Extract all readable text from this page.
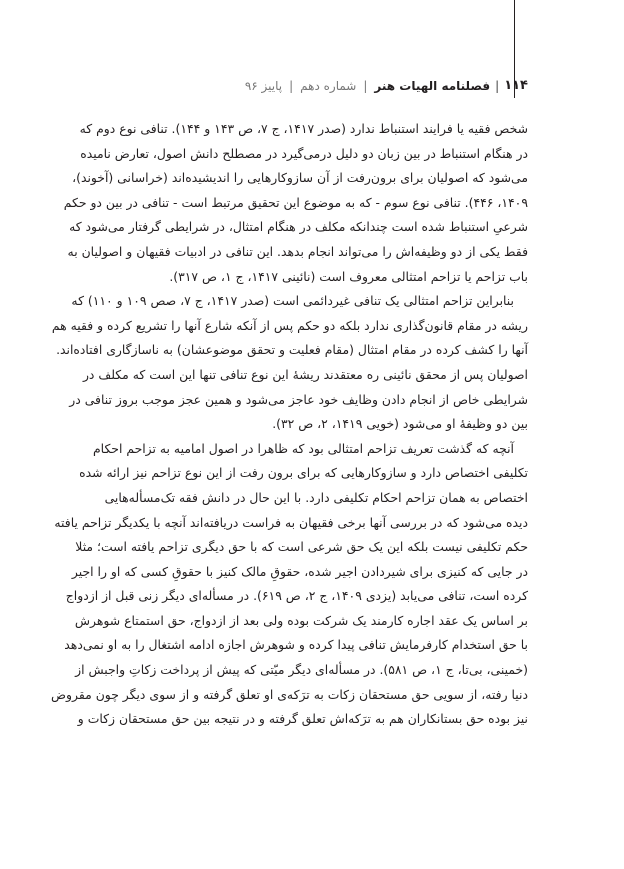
۱۱۴
|
فصلنامه الهیات هنر
|
شماره دهم
|
پاییز ۹۶
شخص فقیه یا فرایند استنباط ندارد (صدر ۱۴۱۷، ج ۷، ص ۱۴۳ و ۱۴۴). تنافی نوع دوم که
در هنگام استنباط در بین زبان دو دلیل درمی‌گیرد در مصطلح دانش اصول، تعارض نامیده
می‌شود که اصولیان برای برون‌رفت از آن سازوکارهایی را اندیشیده‌اند (خراسانی (آخوند)،
۱۴۰۹، ۴۴۶). تنافی نوع سوم - که به موضوع این تحقیق مرتبط است - تنافی در بین دو حکم
شرعیِ استنباط شده است چندانکه مکلف در هنگام امتثال، در شرایطی گرفتار می‌شود که
فقط یکی از دو وظیفه‌اش را می‌تواند انجام بدهد. این تنافی در ادبیات فقیهان و اصولیان به
باب تزاحم یا تزاحم امتثالی معروف است (نائینی ۱۴۱۷، ج ۱، ص ۳۱۷).
بنابراین تزاحم امتثالی یک تنافی غیردائمی است (صدر ۱۴۱۷، ج ۷، صص ۱۰۹ و ۱۱۰) که
ریشه در مقام قانون‌گذاری ندارد بلکه دو حکم پس از آنکه شارع آنها را تشریع کرده و فقیه هم
آنها را کشف کرده در مقام امتثال (مقام فعلیت و تحقق موضوعشان) به ناسازگاری افتاده‌اند.
اصولیان پس از محقق نائینی ره معتقدند ریشهٔ این نوع تنافی تنها این است که مکلف در
شرایطی خاص از انجام دادن وظایف خود عاجز می‌شود و همین عجز موجب بروز تنافی در
بین دو وظیفهٔ او می‌شود (خویی ۱۴۱۹، ۲، ص ۳۲).
آنچه که گذشت تعریف تزاحم امتثالی بود که ظاهرا در اصول امامیه به تزاحم احکام
تکلیفی اختصاص دارد و سازوکارهایی که برای برون رفت از این نوع تزاحم نیز ارائه شده
اختصاص به همان تزاحم احکام تکلیفی دارد. با این حال در دانش فقه تک‌مسأله‌هایی
دیده می‌شود که در بررسی آنها برخی فقیهان به فراست دریافته‌اند آنچه با یکدیگر تزاحم یافته
حکم تکلیفی نیست بلکه این یک حق شرعی است که با حق دیگری تزاحم یافته است؛ مثلا
در جایی که کنیزی برای شیردادن اجیر شده، حقوقِ مالک کنیز با حقوقِ کسی که او را اجیر
کرده است، تنافی می‌یابد (یزدی ۱۴۰۹، ج ۲، ص ۶۱۹). در مسأله‌ای دیگر زنی قبل از ازدواج
بر اساس یک عقد اجاره کارمند یک شرکت بوده ولی بعد از ازدواج، حق استمتاع شوهرش
با حق استخدام کارفرمایش تنافی پیدا کرده و شوهرش اجازه ادامه اشتغال را به او نمی‌دهد
(خمینی، بی‌تا، ج ۱، ص ۵۸۱). در مسأله‌ای دیگر میّتی که پیش از پرداخت زکاتِ واجبش از
دنیا رفته، از سویی حق مستحقان زکات به ترَکه‌ی او تعلق گرفته و از سوی دیگر چون مقروض
نیز بوده حق بستانکاران هم به ترَکه‌اش تعلق گرفته و در نتیجه بین حق مستحقان زکات و
